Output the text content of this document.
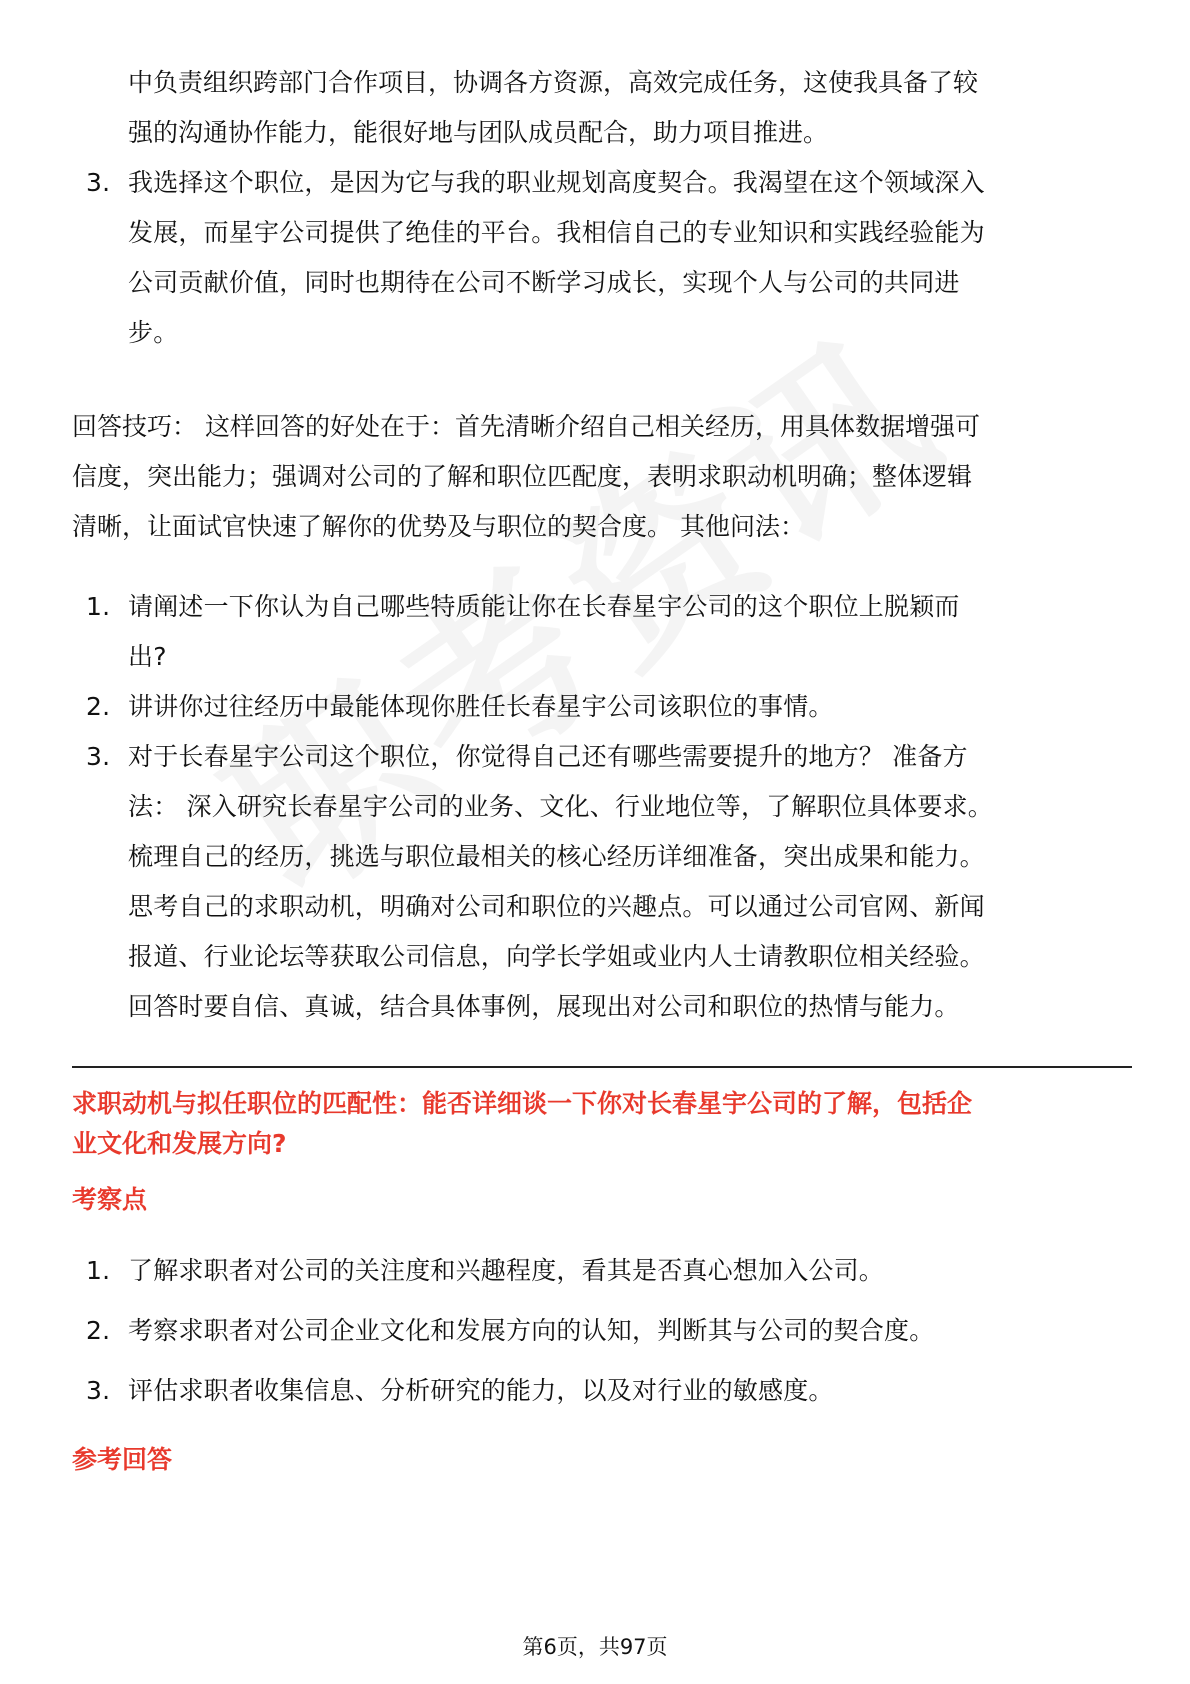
中负责组织跨部门合作项目，协调各方资源，高效完成任务，这使我具备了较
强的沟通协作能力，能很好地与团队成员配合，助力项目推进。
3. 我选择这个职位，是因为它与我的职业规划高度契合。我渴望在这个领域深入
发展，而星宇公司提供了绝佳的平台。我相信自己的专业知识和实践经验能为
公司贡献价值，同时也期待在公司不断学习成长，实现个人与公司的共同进
步。

回答技巧： 这样回答的好处在于：首先清晰介绍自己相关经历，用具体数据增强可

信度，突出能力；强调对公司的了解和职位匹配度，表明求职动机明确；整体逻辑

清晰，让面试官快速了解你的优势及与职位的契合度。 其他问法：

1. 请阐述一下你认为自己哪些特质能让你在长春星宇公司的这个职位上脱颖而
出?
2. 讲讲你过往经历中最能体现你胜任长春星宇公司该职位的事情。
3. 对于长春星宇公司这个职位，你觉得自己还有哪些需要提升的地方？ 准备方
法： 深入研究长春星宇公司的业务、文化、行业地位等，了解职位具体要求。
梳理自己的经历，挑选与职位最相关的核心经历详细准备，突出成果和能力。
思考自己的求职动机，明确对公司和职位的兴趣点。可以通过公司官网、新闻
报道、行业论坛等获取公司信息，向学长学姐或业内人士请教职位相关经验。
回答时要自信、真诚，结合具体事例，展现出对公司和职位的热情与能力。

求职动机与拟任职位的匹配性：能否详细谈一下你对长春星宇公司的了解，包括企

业文化和发展方向?

考察点

1. 了解求职者对公司的关注度和兴趣程度，看其是否真心想加入公司。
2. 考察求职者对公司企业文化和发展方向的认知，判断其与公司的契合度。
3. 评估求职者收集信息、分析研究的能力，以及对行业的敏感度。

参考回答

第6页，共97页
